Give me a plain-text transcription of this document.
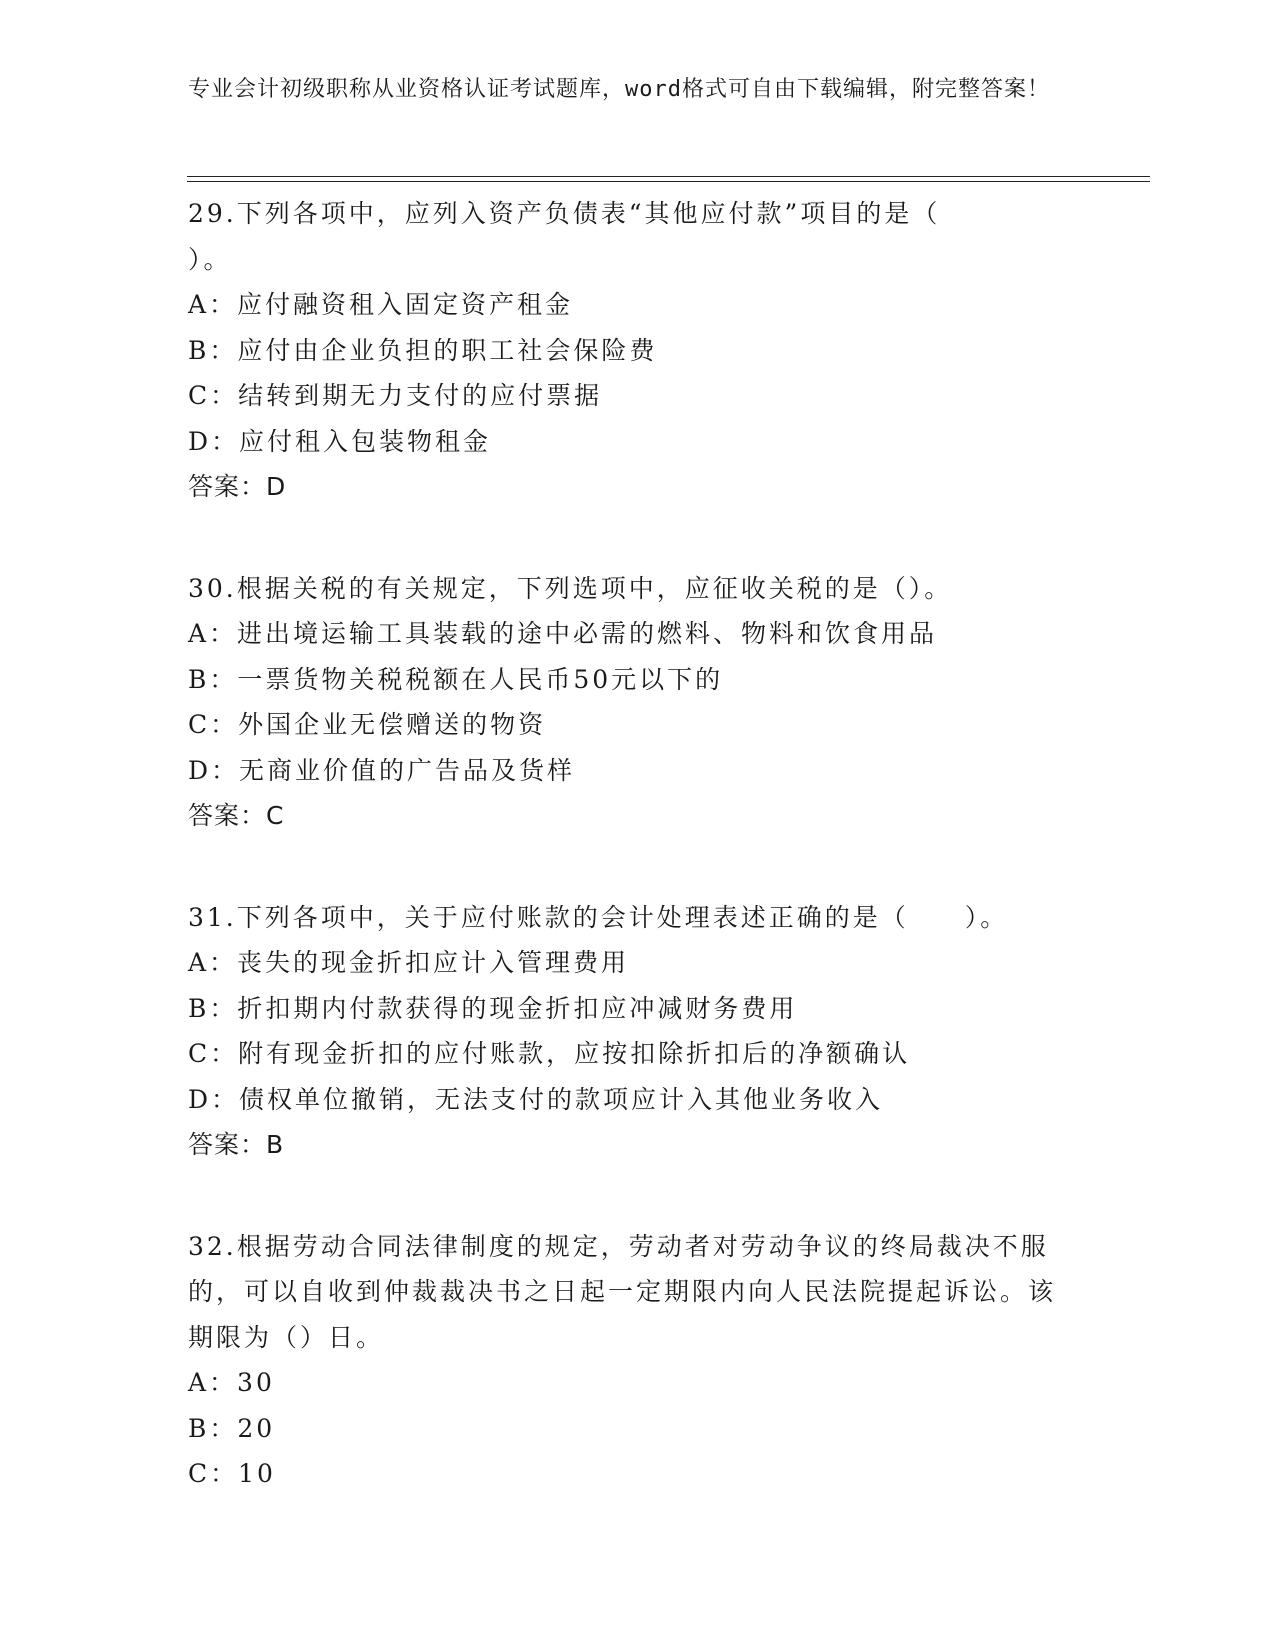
专业会计初级职称从业资格认证考试题库，word格式可自由下载编辑，附完整答案！
29.下列各项中，应列入资产负债表“其他应付款”项目的是（　　　）。
A：应付融资租入固定资产租金
B：应付由企业负担的职工社会保险费
C：结转到期无力支付的应付票据
D：应付租入包装物租金
答案：D
30.根据关税的有关规定，下列选项中，应征收关税的是（）。
A：进出境运输工具装载的途中必需的燃料、物料和饮食用品
B：一票货物关税税额在人民币50元以下的
C：外国企业无偿赠送的物资
D：无商业价值的广告品及货样
答案：C
31.下列各项中，关于应付账款的会计处理表述正确的是（　　）。
A：丧失的现金折扣应计入管理费用
B：折扣期内付款获得的现金折扣应冲减财务费用
C：附有现金折扣的应付账款，应按扣除折扣后的净额确认
D：债权单位撤销，无法支付的款项应计入其他业务收入
答案：B
32.根据劳动合同法律制度的规定，劳动者对劳动争议的终局裁决不服的，可以自收到仲裁裁决书之日起一定期限内向人民法院提起诉讼。该期限为（）日。
A：30
B：20
C：10
